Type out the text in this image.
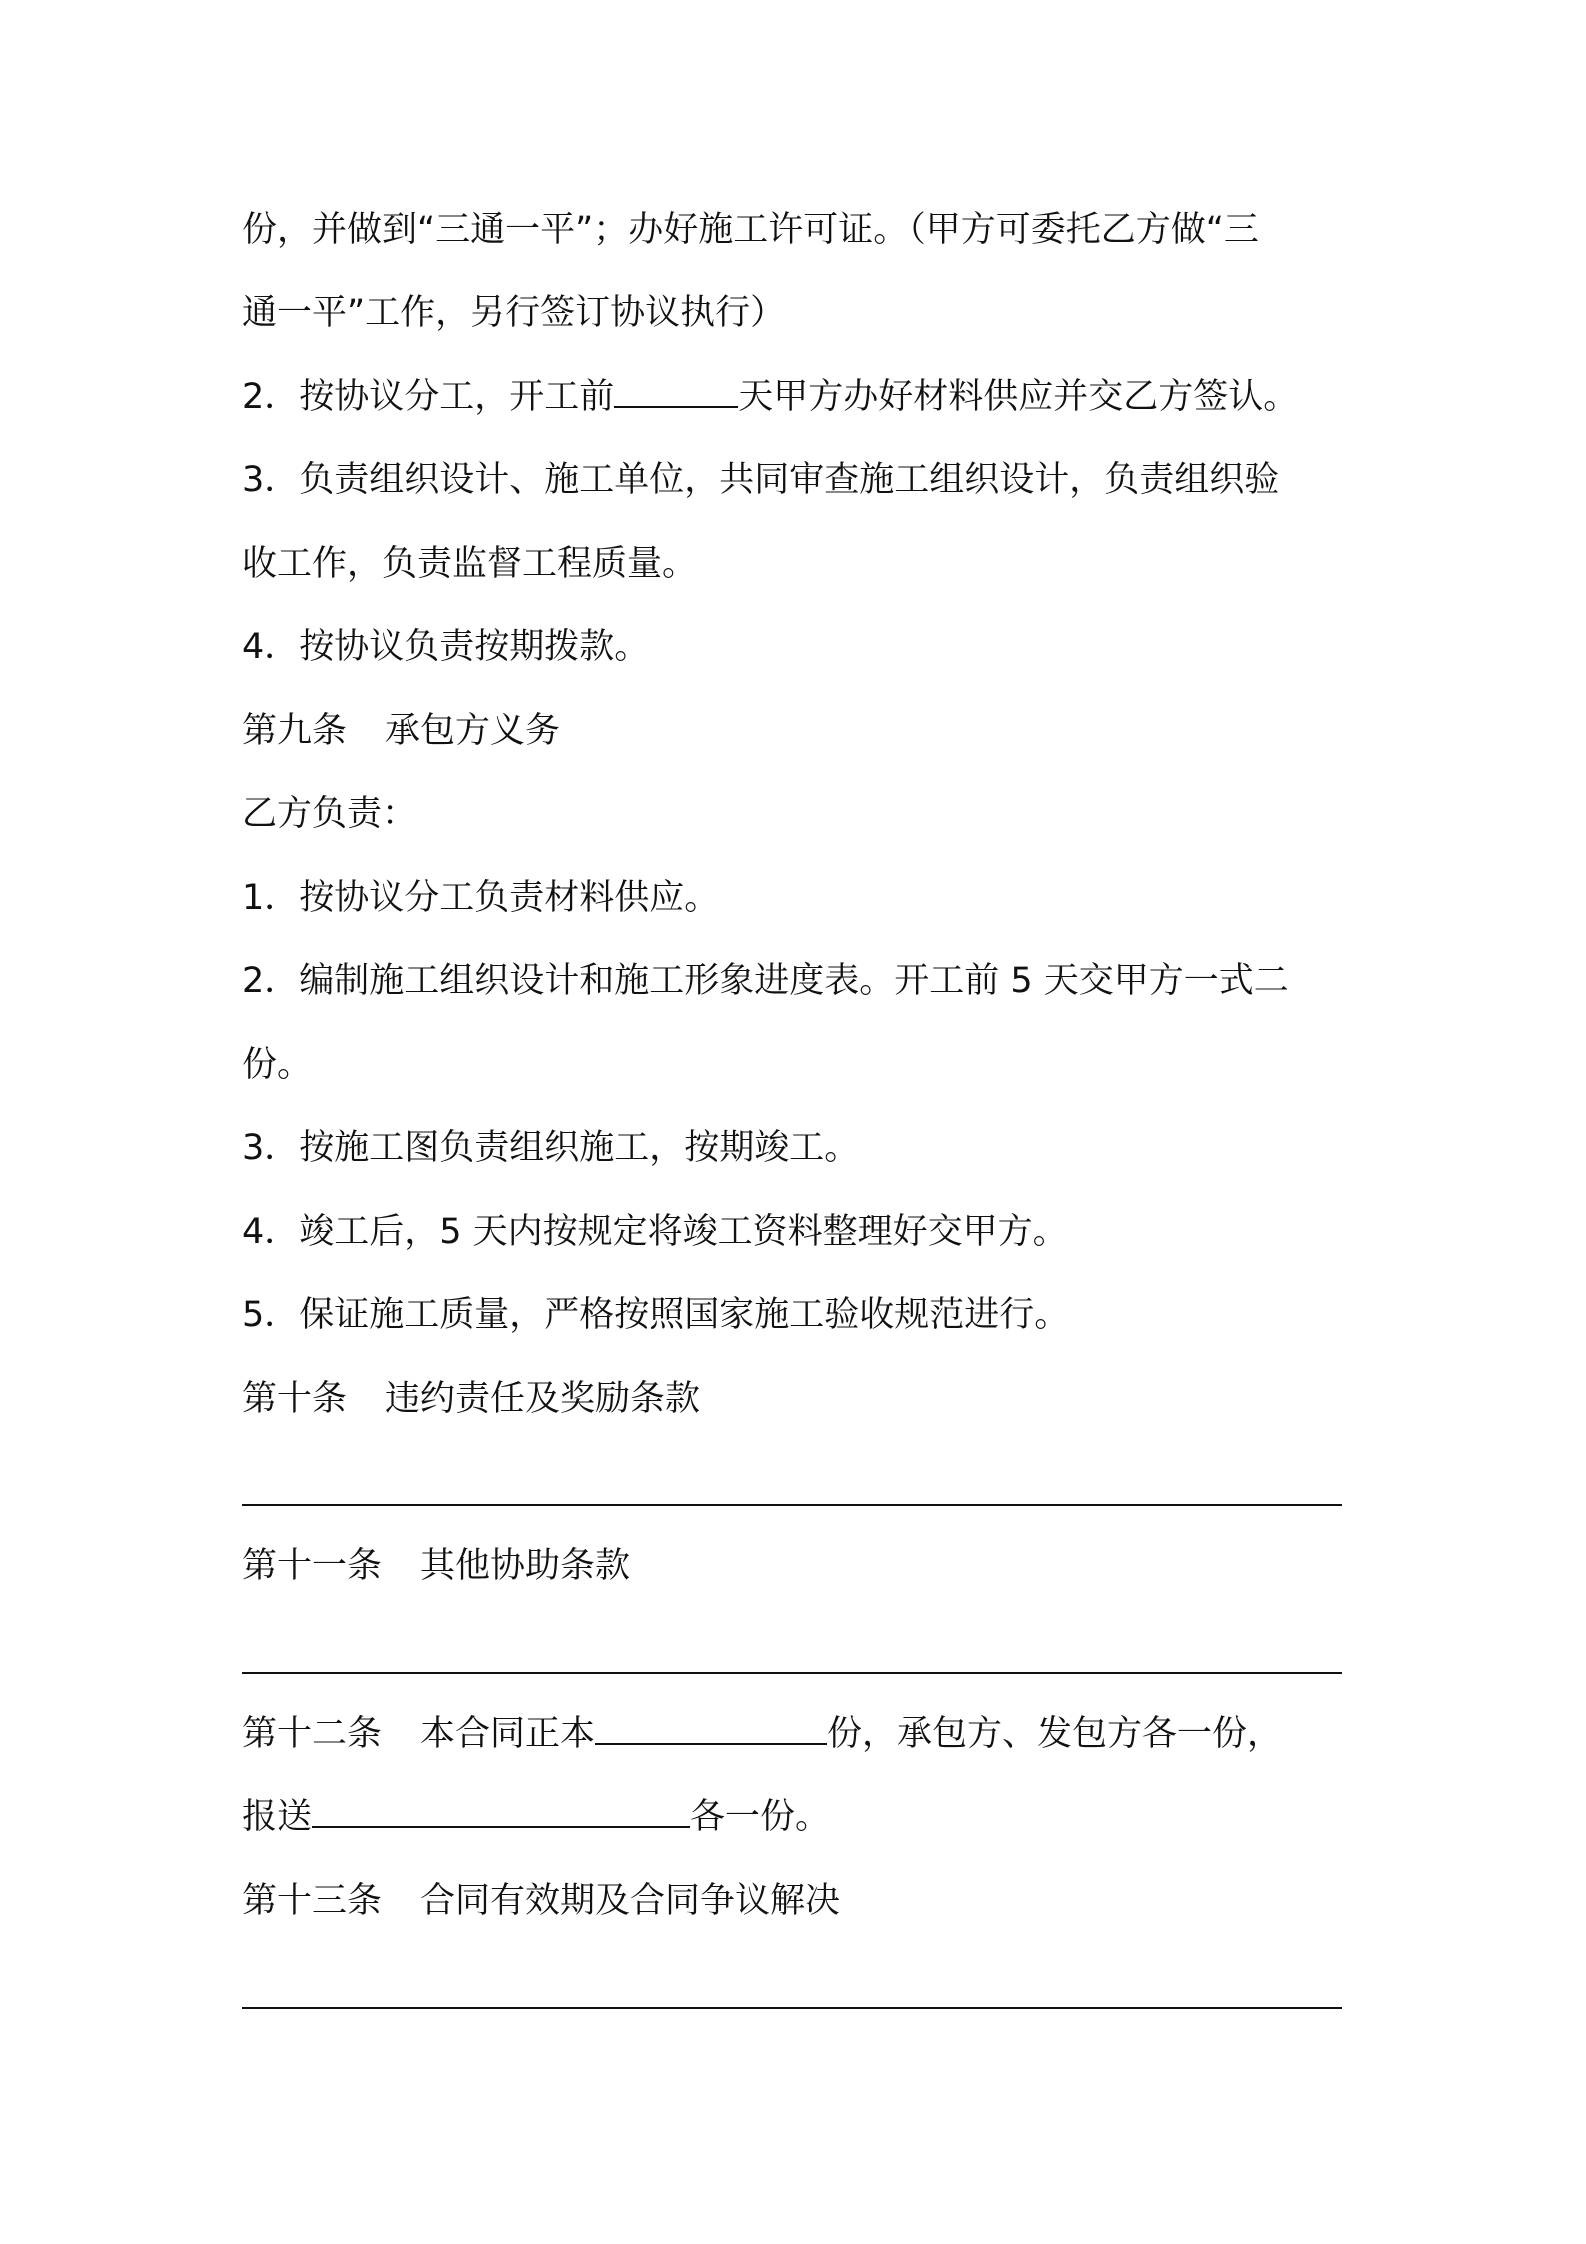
份，并做到“三通一平”；办好施工许可证。（甲方可委托乙方做“三
通一平”工作，另行签订协议执行）
2．按协议分工，开工前	天甲方办好材料供应并交乙方签认。
3．负责组织设计、施工单位，共同审查施工组织设计，负责组织验
收工作，负责监督工程质量。
4．按协议负责按期拨款。
第九条 承包方义务
乙方负责：
1．按协议分工负责材料供应。
2．编制施工组织设计和施工形象进度表。开工前 5 天交甲方一式二
份。
3．按施工图负责组织施工，按期竣工。
4．竣工后，5 天内按规定将竣工资料整理好交甲方。
5．保证施工质量，严格按照国家施工验收规范进行。
第十条 违约责任及奖励条款
第十一条 其他协助条款
第十二条 本合同正本	份，承包方、发包方各一份，
报送	各一份。
第十三条 合同有效期及合同争议解决
